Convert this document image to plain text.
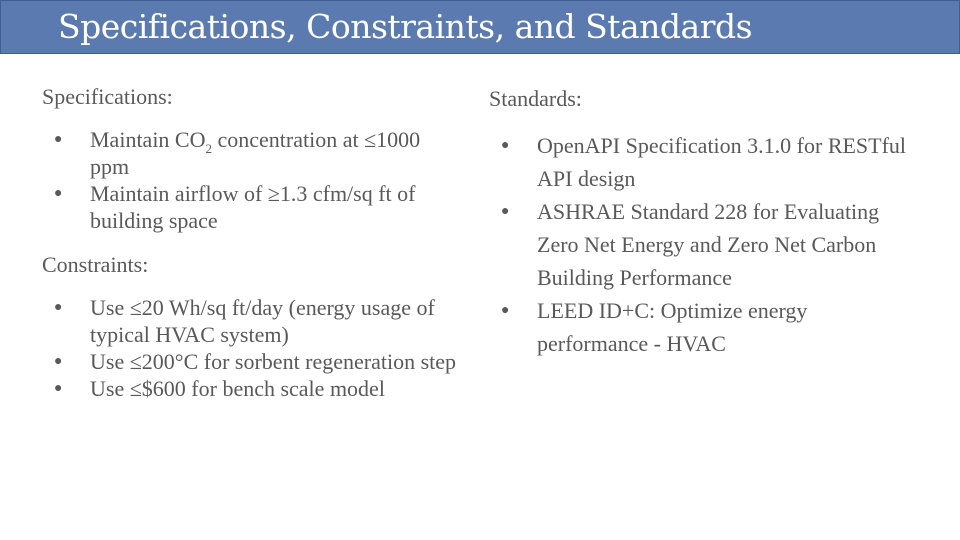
Specifications, Constraints, and Standards

Specifications:

● Maintain $CO_2$ concentration at ≤1000 ppm
● Maintain airflow of ≥1.3 cfm/sq ft of building space

Constraints:

● Use ≤20 Wh/sq ft/day (energy usage of typical HVAC system)
● Use ≤200°C for sorbent regeneration step
● Use ≤$600 for bench scale model

Standards:

● OpenAPI Specification 3.1.0 for RESTful API design
● ASHRAE Standard 228 for Evaluating Zero Net Energy and Zero Net Carbon Building Performance
● LEED ID+C: Optimize energy performance - HVAC
